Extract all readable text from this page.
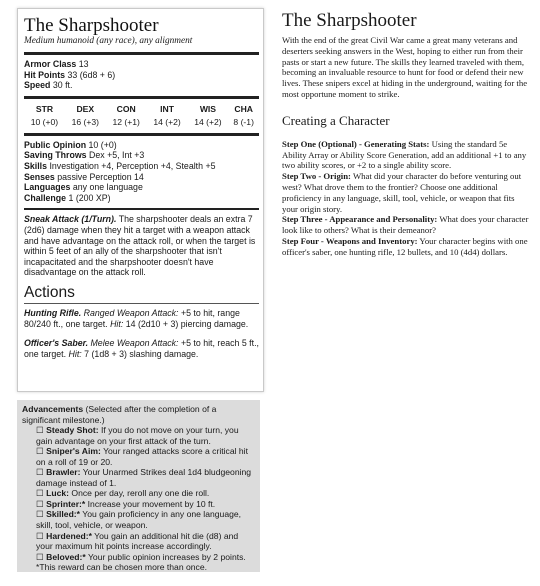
The Sharpshooter
Medium humanoid (any race), any alignment
Armor Class 13
Hit Points 33 (6d8 + 6)
Speed 30 ft.
STR	DEX	CON	INT	WIS	CHA
10 (+0)	16 (+3)	12 (+1)	14 (+2)	14 (+2)	8 (-1)
Public Opinion 10 (+0)
Saving Throws Dex +5, Int +3
Skills Investigation +4, Perception +4, Stealth +5
Senses passive Perception 14
Languages any one language
Challenge 1 (200 XP)
Sneak Attack (1/Turn). The sharpshooter deals an extra 7 (2d6) damage when they hit a target with a weapon attack and have advantage on the attack roll, or when the target is within 5 feet of an ally of the sharpshooter that isn't incapacitated and the sharpshooter doesn't have disadvantage on the attack roll.
Actions
Hunting Rifle. Ranged Weapon Attack: +5 to hit, range 80/240 ft., one target. Hit: 14 (2d10 + 3) piercing damage.
Officer's Saber. Melee Weapon Attack: +5 to hit, reach 5 ft., one target. Hit: 7 (1d8 + 3) slashing damage.
Advancements (Selected after the completion of a significant milestone.)
☐ Steady Shot: If you do not move on your turn, you gain advantage on your first attack of the turn.
☐ Sniper's Aim: Your ranged attacks score a critical hit on a roll of 19 or 20.
☐ Brawler: Your Unarmed Strikes deal 1d4 bludgeoning damage instead of 1.
☐ Luck: Once per day, reroll any one die roll.
☐ Sprinter:* Increase your movement by 10 ft.
☐ Skilled:* You gain proficiency in any one language, skill, tool, vehicle, or weapon.
☐ Hardened:* You gain an additional hit die (d8) and your maximum hit points increase accordingly.
☐ Beloved:* Your public opinion increases by 2 points.
*This reward can be chosen more than once.
The Sharpshooter
With the end of the great Civil War came a great many veterans and deserters seeking answers in the West, hoping to either run from their pasts or start a new future. The skills they learned traveled with them, becoming an invaluable resource to hunt for food or defend their new lives. These snipers excel at hiding in the underground, waiting for the most opportune moment to strike.
Creating a Character
Step One (Optional) - Generating Stats: Using the standard 5e Ability Array or Ability Score Generation, add an additional +1 to any two ability scores, or +2 to a single ability score.
Step Two - Origin: What did your character do before venturing out west? What drove them to the frontier? Choose one additional proficiency in any language, skill, tool, vehicle, or weapon that fits your origin story.
Step Three - Appearance and Personality: What does your character look like to others? What is their demeanor?
Step Four - Weapons and Inventory: Your character begins with one officer's saber, one hunting rifle, 12 bullets, and 10 (4d4) dollars.
